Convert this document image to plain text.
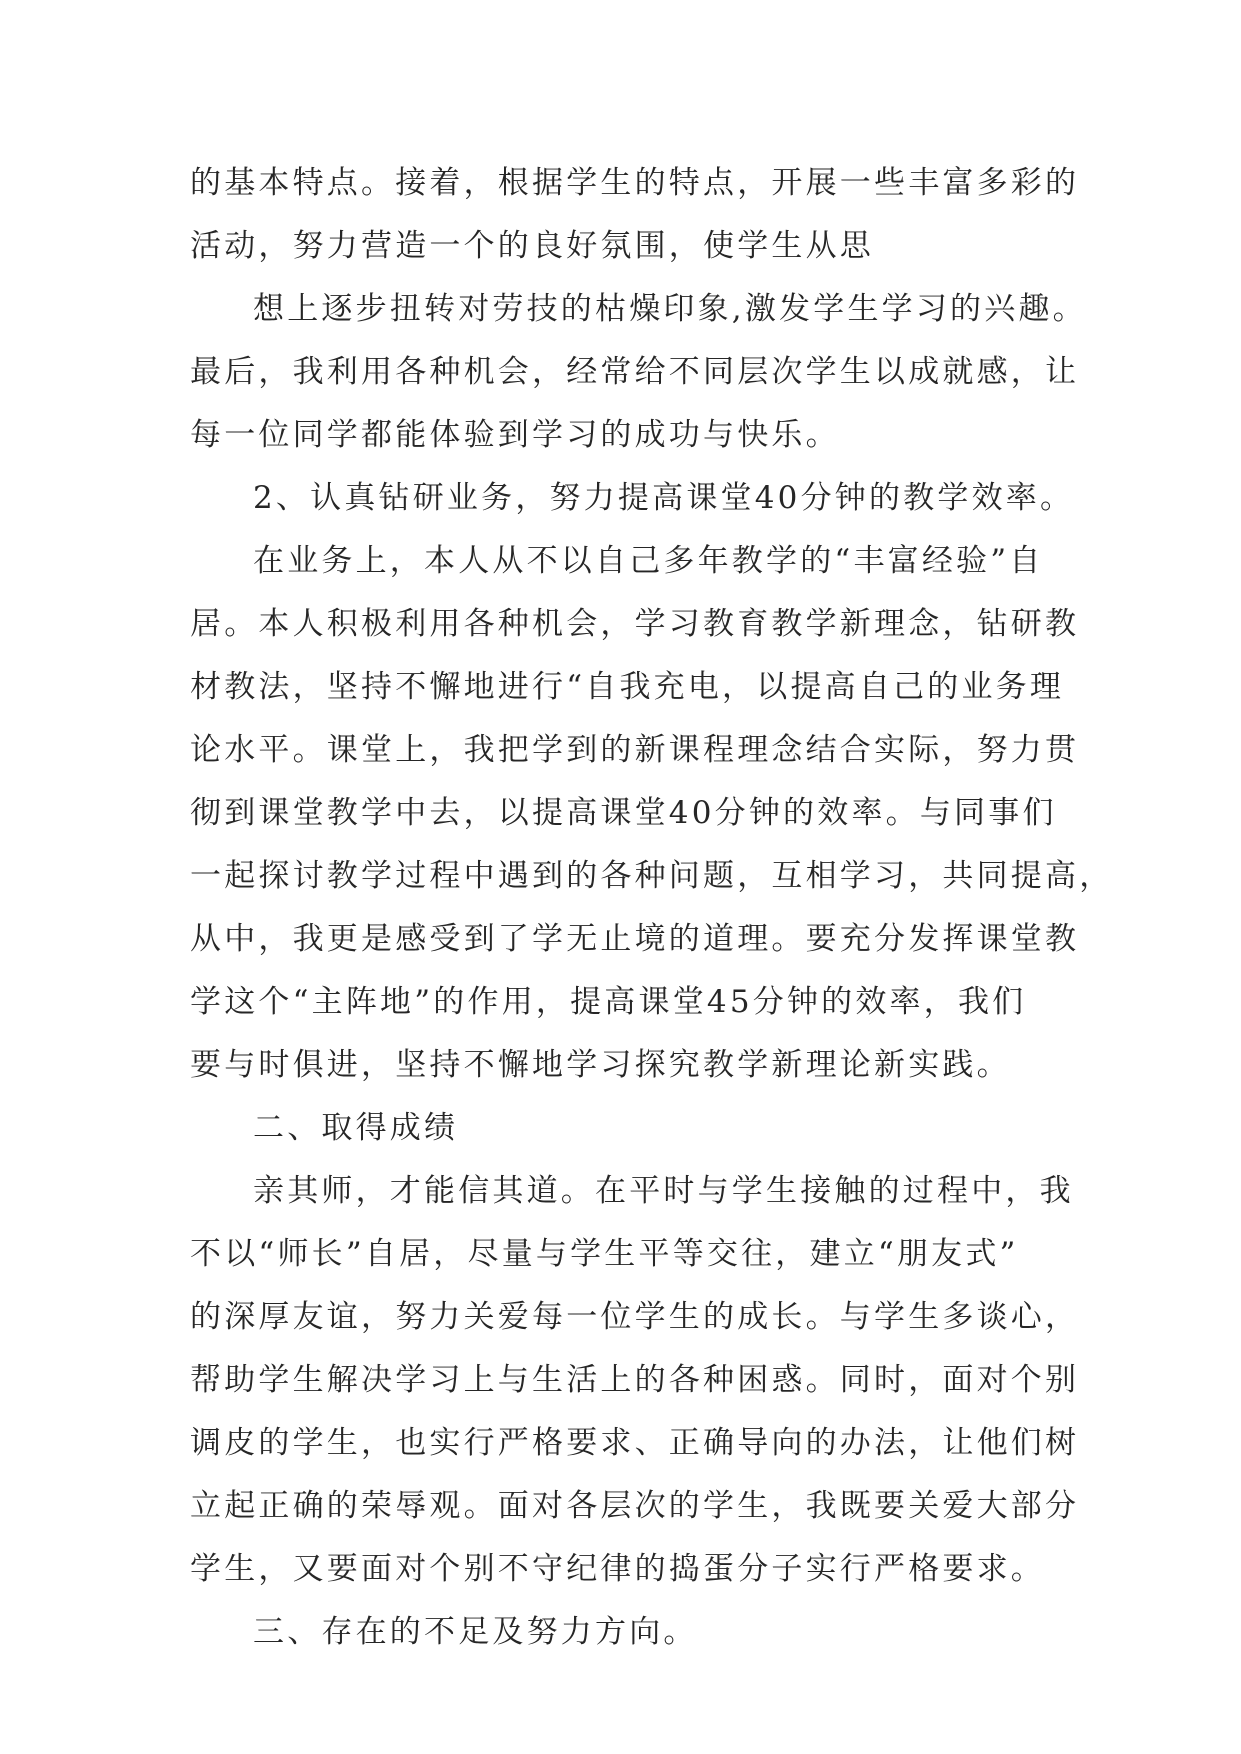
的基本特点。接着，根据学生的特点，开展一些丰富多彩的
活动，努力营造一个的良好氛围，使学生从思
想上逐步扭转对劳技的枯燥印象,激发学生学习的兴趣。
最后，我利用各种机会，经常给不同层次学生以成就感，让
每一位同学都能体验到学习的成功与快乐。
2、认真钻研业务，努力提高课堂40分钟的教学效率。
在业务上，本人从不以自己多年教学的“丰富经验”自
居。本人积极利用各种机会，学习教育教学新理念，钻研教
材教法，坚持不懈地进行“自我充电，以提高自己的业务理
论水平。课堂上，我把学到的新课程理念结合实际，努力贯
彻到课堂教学中去，以提高课堂40分钟的效率。与同事们
一起探讨教学过程中遇到的各种问题，互相学习，共同提高，
从中，我更是感受到了学无止境的道理。要充分发挥课堂教
学这个“主阵地”的作用，提高课堂45分钟的效率，我们
要与时俱进，坚持不懈地学习探究教学新理论新实践。
二、取得成绩
亲其师，才能信其道。在平时与学生接触的过程中，我
不以“师长”自居，尽量与学生平等交往，建立“朋友式”
的深厚友谊，努力关爱每一位学生的成长。与学生多谈心，
帮助学生解决学习上与生活上的各种困惑。同时，面对个别
调皮的学生，也实行严格要求、正确导向的办法，让他们树
立起正确的荣辱观。面对各层次的学生，我既要关爱大部分
学生，又要面对个别不守纪律的捣蛋分子实行严格要求。
三、存在的不足及努力方向。
